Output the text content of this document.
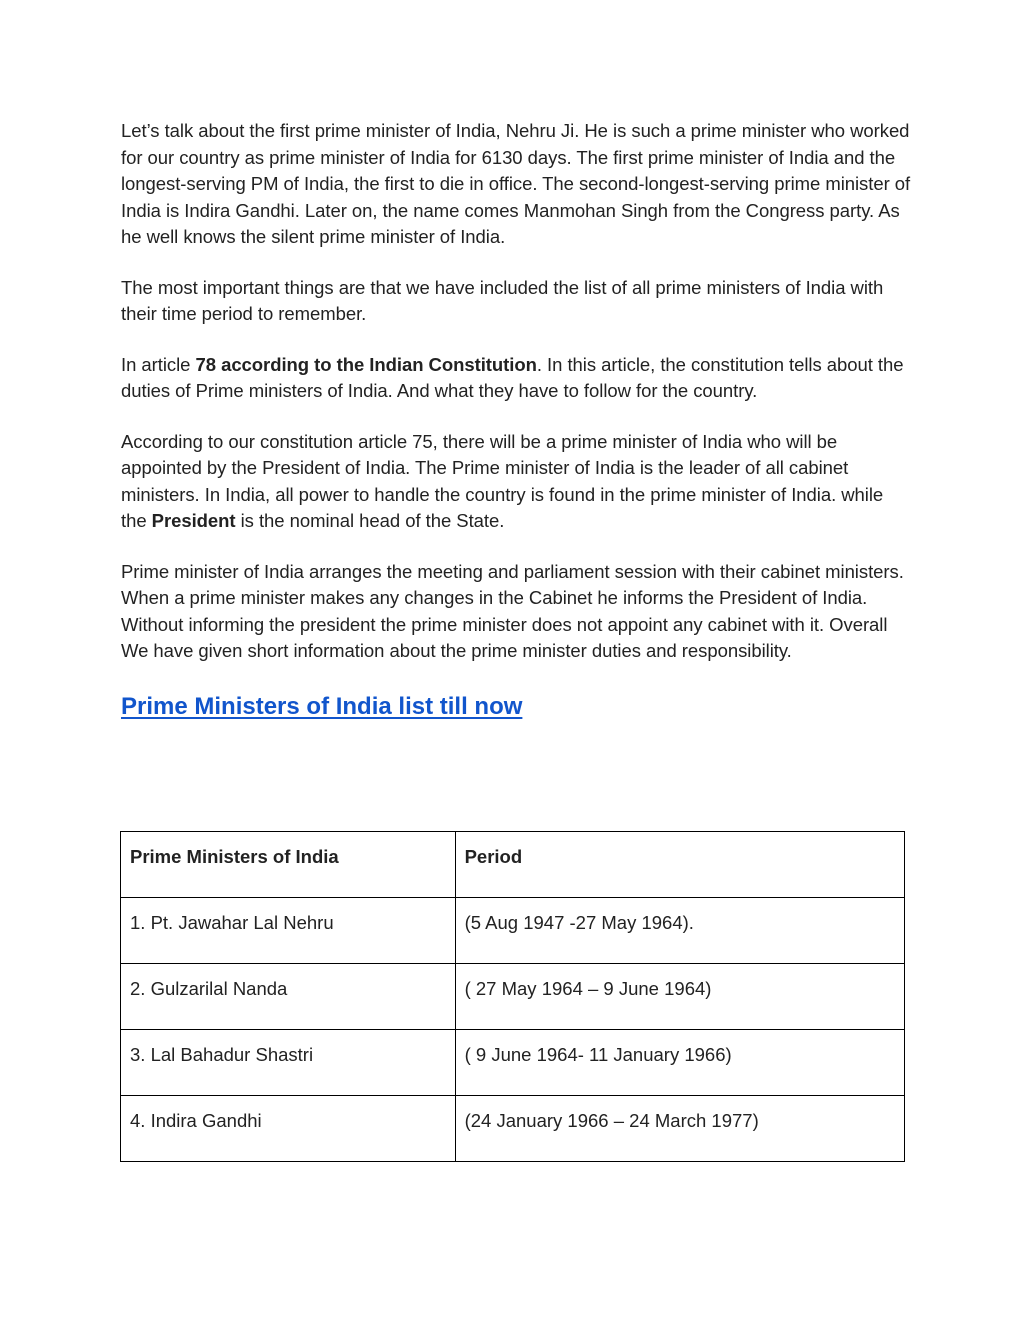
Let’s talk about the first prime minister of India, Nehru Ji. He is such a prime minister who worked for our country as prime minister of India for 6130 days. The first prime minister of India and the longest-serving PM of India, the first to die in office. The second-longest-serving prime minister of India is Indira Gandhi. Later on, the name comes Manmohan Singh from the Congress party. As he well knows the silent prime minister of India.

The most important things are that we have included the list of all prime ministers of India with their time period to remember.

In article 78 according to the Indian Constitution. In this article, the constitution tells about the duties of Prime ministers of India. And what they have to follow for the country.

According to our constitution article 75, there will be a prime minister of India who will be appointed by the President of India. The Prime minister of India is the leader of all cabinet ministers. In India, all power to handle the country is found in the prime minister of India. while the President is the nominal head of the State.

Prime minister of India arranges the meeting and parliament session with their cabinet ministers. When a prime minister makes any changes in the Cabinet he informs the President of India. Without informing the president the prime minister does not appoint any cabinet with it. Overall We have given short information about the prime minister duties and responsibility.

Prime Ministers of India list till now
Prime Ministers of India	Period

1. Pt. Jawahar Lal Nehru	(5 Aug 1947 -27 May 1964).

2. Gulzarilal Nanda	( 27 May 1964 – 9 June 1964)

3. Lal Bahadur Shastri	( 9 June 1964- 11 January 1966)

4. Indira Gandhi	(24 January 1966 – 24 March 1977)
